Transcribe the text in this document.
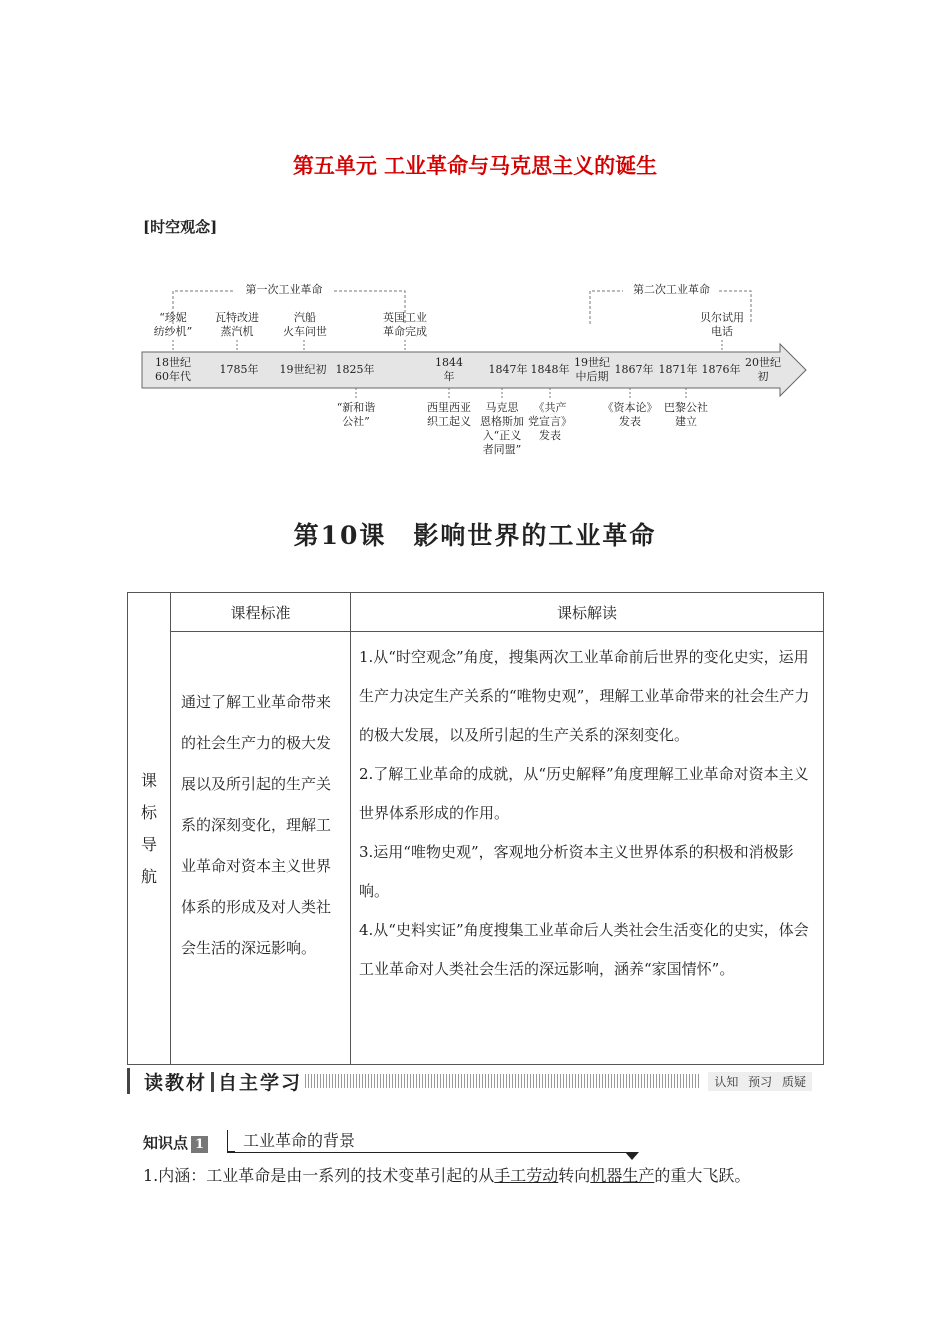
第五单元 工业革命与马克思主义的诞生
[时空观念]
第一次工业革命	第二次工业革命
“珍妮
纺纱机”
瓦特改进
蒸汽机
汽船
火车问世
英国工业
革命完成
贝尔试用
电话
18世纪
60年代
1785年	19世纪初 1825年
1844
年
1847年 1848年
19世纪
中后期
1867年 1871年 1876年
20世纪
初
“新和谐
公社”
西里西亚
织工起义
马克思
恩格斯加
入“正义
者同盟”
《共产
党宣言》
发表
《资本论》
发表
巴黎公社
建立
第10课　影响世界的工业革命
课标导航	课程标准	课标解读
	通过了解工业革命带来的社会生产力的极大发展以及所引起的生产关系的深刻变化，理解工业革命对资本主义世界体系的形成及对人类社会生活的深远影响。	1.从“时空观念”角度，搜集两次工业革命前后世界的变化史实，运用生产力决定生产关系的“唯物史观”，理解工业革命带来的社会生产力的极大发展，以及所引起的生产关系的深刻变化。
2.了解工业革命的成就，从“历史解释”角度理解工业革命对资本主义世界体系形成的作用。
3.运用“唯物史观”，客观地分析资本主义世界体系的积极和消极影响。
4.从“史料实证”角度搜集工业革命后人类社会生活变化的史实，体会工业革命对人类社会生活的深远影响，涵养“家国情怀”。
读教材 自主学习	认知 预习 质疑
知识点 1 工业革命的背景
1.内涵：工业革命是由一系列的技术变革引起的从手工劳动转向机器生产的重大飞跃。
